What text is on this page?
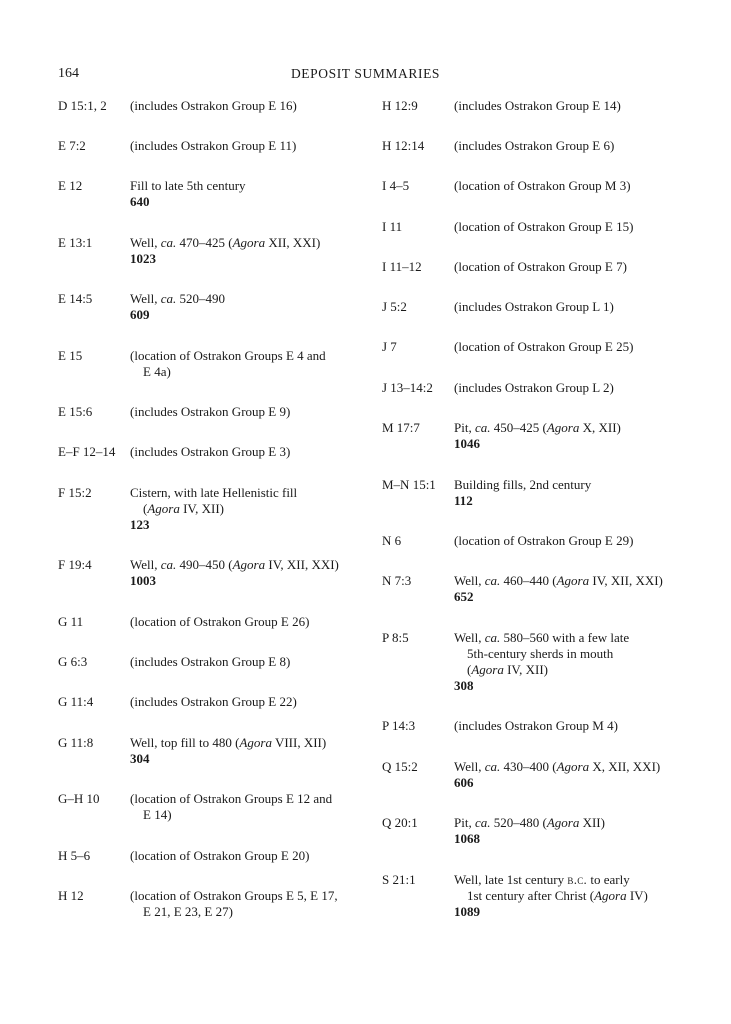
164	DEPOSIT SUMMARIES
D 15:1, 2 (includes Ostrakon Group E 16)
E 7:2	(includes Ostrakon Group E 11)
E 12	Fill to late 5th century
640
E 13:1	Well, ca. 470–425 (Agora XII, XXI)
1023
E 14:5	Well, ca. 520–490
609
E 15	(location of Ostrakon Groups E 4 and
E 4a)
E 15:6	(includes Ostrakon Group E 9)
E–F 12–14 (includes Ostrakon Group E 3)
F 15:2	Cistern, with late Hellenistic fill
(Agora IV, XII)
123
F 19:4	Well, ca. 490–450 (Agora IV, XII, XXI)
1003
G 11	(location of Ostrakon Group E 26)
G 6:3	(includes Ostrakon Group E 8)
G 11:4	(includes Ostrakon Group E 22)
G 11:8	Well, top fill to 480 (Agora VIII, XII)
304
G–H 10 (location of Ostrakon Groups E 12 and
E 14)
H 5–6	(location of Ostrakon Group E 20)
H 12	(location of Ostrakon Groups E 5, E 17,
E 21, E 23, E 27)
H 12:9	(includes Ostrakon Group E 14)
H 12:14 (includes Ostrakon Group E 6)
I 4–5	(location of Ostrakon Group M 3)
I 11	(location of Ostrakon Group E 15)
I 11–12 (location of Ostrakon Group E 7)
J 5:2	(includes Ostrakon Group L 1)
J 7	(location of Ostrakon Group E 25)
J 13–14:2 (includes Ostrakon Group L 2)
M 17:7	Pit, ca. 450–425 (Agora X, XII)
1046
M–N 15:1 Building fills, 2nd century
112
N 6	(location of Ostrakon Group E 29)
N 7:3	Well, ca. 460–440 (Agora IV, XII, XXI)
652
P 8:5	Well, ca. 580–560 with a few late
5th-century sherds in mouth
(Agora IV, XII)
308
P 14:3	(includes Ostrakon Group M 4)
Q 15:2	Well, ca. 430–400 (Agora X, XII, XXI)
606
Q 20:1	Pit, ca. 520–480 (Agora XII)
1068
S 21:1	Well, late 1st century b.c. to early
1st century after Christ (Agora IV)
1089
